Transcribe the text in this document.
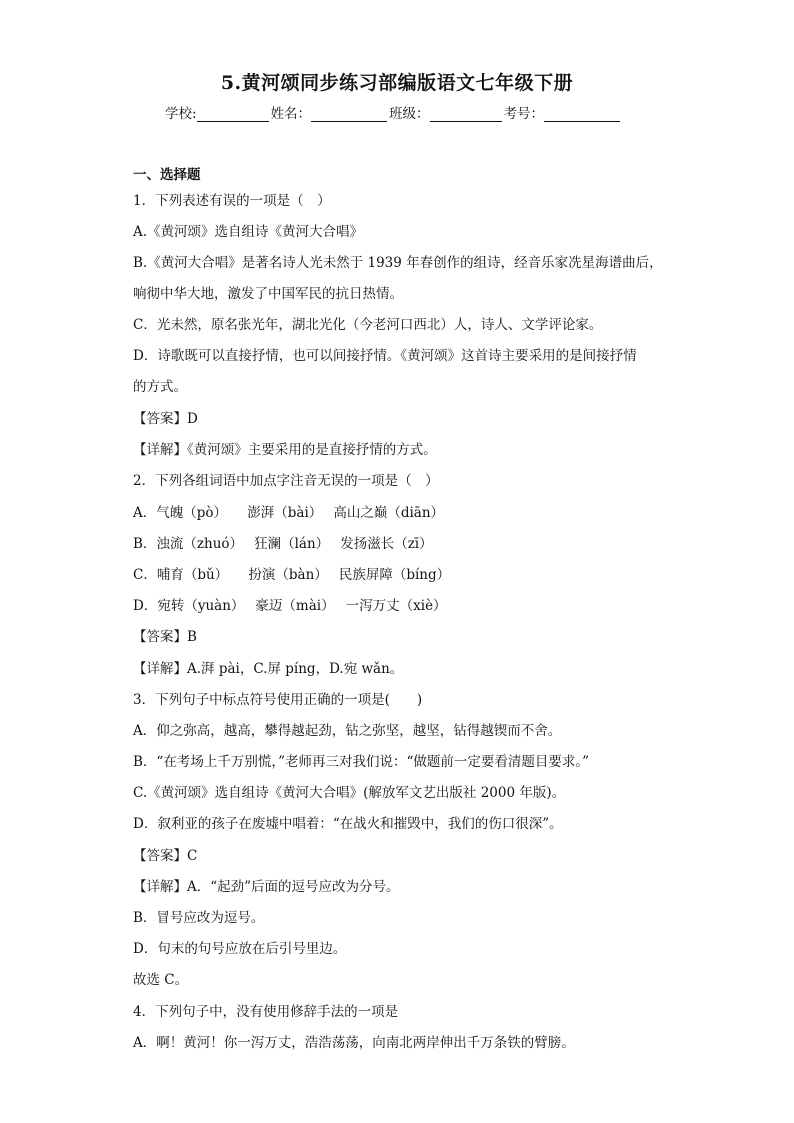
5.黄河颂同步练习部编版语文七年级下册
学校:	姓名：	班级：	考号：
一、选择题
1．下列表述有误的一项是（　）
A.《黄河颂》选自组诗《黄河大合唱》
B.《黄河大合唱》是著名诗人光未然于 1939 年春创作的组诗，经音乐家冼星海谱曲后，
响彻中华大地，激发了中国军民的抗日热情。
C．光未然，原名张光年，湖北光化（今老河口西北）人，诗人、文学评论家。
D．诗歌既可以直接抒情，也可以间接抒情。《黄河颂》这首诗主要采用的是间接抒情
的方式。
【答案】D
【详解】《黄河颂》主要采用的是直接抒情的方式。
2．下列各组词语中加点字注音无误的一项是（　）
A．气魄（pò）　　澎湃（bài）　 高山之巅（diān）
B．浊流（zhuó）　 狂澜（lán）　 发扬滋长（zī）
C．哺育（bǔ）　　扮演（bàn）　 民族屏障（bíng）
D．宛转（yuàn）　 豪迈（mài）　 一泻万丈（xiè）
【答案】B
【详解】A.湃 pài，C.屏 píng，D.宛 wǎn。
3．下列句子中标点符号使用正确的一项是(　　)
A．仰之弥高，越高，攀得越起劲，钻之弥坚，越坚，钻得越锲而不舍。
B．“在考场上千万别慌，”老师再三对我们说：“做题前一定要看清题目要求。”
C.《黄河颂》选自组诗《黄河大合唱》(解放军文艺出版社 2000 年版)。
D．叙利亚的孩子在废墟中唱着：“在战火和摧毁中，我们的伤口很深”。
【答案】C
【详解】A．“起劲”后面的逗号应改为分号。
B．冒号应改为逗号。
D．句末的句号应放在后引号里边。
故选 C。
4．下列句子中，没有使用修辞手法的一项是
A．啊！黄河！你一泻万丈，浩浩荡荡，向南北两岸伸出千万条铁的臂膀。
